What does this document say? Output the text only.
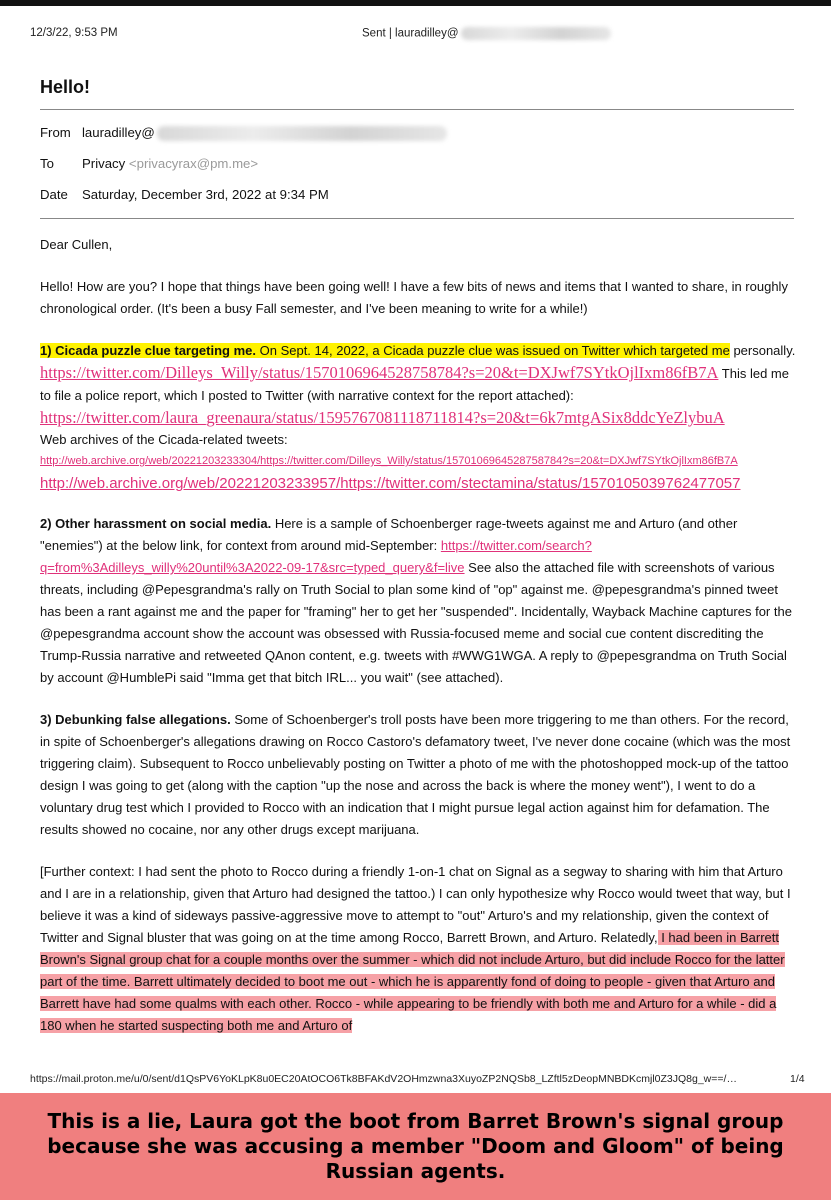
12/3/22, 9:53 PM	Sent | lauradilley@
Hello!
From lauradilley@
To Privacy <privacyrax@pm.me>
Date Saturday, December 3rd, 2022 at 9:34 PM

Dear Cullen,

Hello! How are you? I hope that things have been going well! I have a few bits of news and items that I wanted to share, in roughly chronological order. (It's been a busy Fall semester, and I've been meaning to write for a while!)

1) Cicada puzzle clue targeting me. On Sept. 14, 2022, a Cicada puzzle clue was issued on Twitter which targeted me personally. https://twitter.com/Dilleys_Willy/status/1570106964528758784?s=20&t=DXJwf7SYtkOjlIxm86fB7A This led me to file a police report, which I posted to Twitter (with narrative context for the report attached): https://twitter.com/laura_greenaura/status/1595767081118711814?s=20&t=6k7mtgASix8ddcYeZlybuA

Web archives of the Cicada-related tweets:
http://web.archive.org/web/20221203233304/https://twitter.com/Dilleys_Willy/status/1570106964528758784?s=20&t=DXJwf7SYtkOjlIxm86fB7A
http://web.archive.org/web/20221203233957/https://twitter.com/stectamina/status/1570105039762477057

2) Other harassment on social media. Here is a sample of Schoenberger rage-tweets against me and Arturo (and other "enemies") at the below link, for context from around mid-September: https://twitter.com/search?q=from%3Adilleys_willy%20until%3A2022-09-17&src=typed_query&f=live See also the attached file with screenshots of various threats, including @Pepesgrandma's rally on Truth Social to plan some kind of "op" against me. @pepesgrandma's pinned tweet has been a rant against me and the paper for "framing" her to get her "suspended". Incidentally, Wayback Machine captures for the @pepesgrandma account show the account was obsessed with Russia-focused meme and social cue content discrediting the Trump-Russia narrative and retweeted QAnon content, e.g. tweets with #WWG1WGA. A reply to @pepesgrandma on Truth Social by account @HumblePi said "Imma get that bitch IRL... you wait" (see attached).

3) Debunking false allegations. Some of Schoenberger's troll posts have been more triggering to me than others. For the record, in spite of Schoenberger's allegations drawing on Rocco Castoro's defamatory tweet, I've never done cocaine (which was the most triggering claim). Subsequent to Rocco unbelievably posting on Twitter a photo of me with the photoshopped mock-up of the tattoo design I was going to get (along with the caption "up the nose and across the back is where the money went"), I went to do a voluntary drug test which I provided to Rocco with an indication that I might pursue legal action against him for defamation. The results showed no cocaine, nor any other drugs except marijuana.

[Further context: I had sent the photo to Rocco during a friendly 1-on-1 chat on Signal as a segway to sharing with him that Arturo and I are in a relationship, given that Arturo had designed the tattoo.) I can only hypothesize why Rocco would tweet that way, but I believe it was a kind of sideways passive-aggressive move to attempt to "out" Arturo's and my relationship, given the context of Twitter and Signal bluster that was going on at the time among Rocco, Barrett Brown, and Arturo. Relatedly, I had been in Barrett Brown's Signal group chat for a couple months over the summer - which did not include Arturo, but did include Rocco for the latter part of the time. Barrett ultimately decided to boot me out - which he is apparently fond of doing to people - given that Arturo and Barrett have had some qualms with each other. Rocco - while appearing to be friendly with both me and Arturo for a while - did a 180 when he started suspecting both me and Arturo of

https://mail.proton.me/u/0/sent/d1QsPV6YoKLpK8u0EC20AtOCO6Tk8BFAKdV2OHmzwna3XuyoZP2NQSb8_LZftl5zDeopMNBDKcmjl0Z3JQ8g_w==/…	1/4
This is a lie, Laura got the boot from Barret Brown's signal group because she was accusing a member "Doom and Gloom" of being Russian agents.
